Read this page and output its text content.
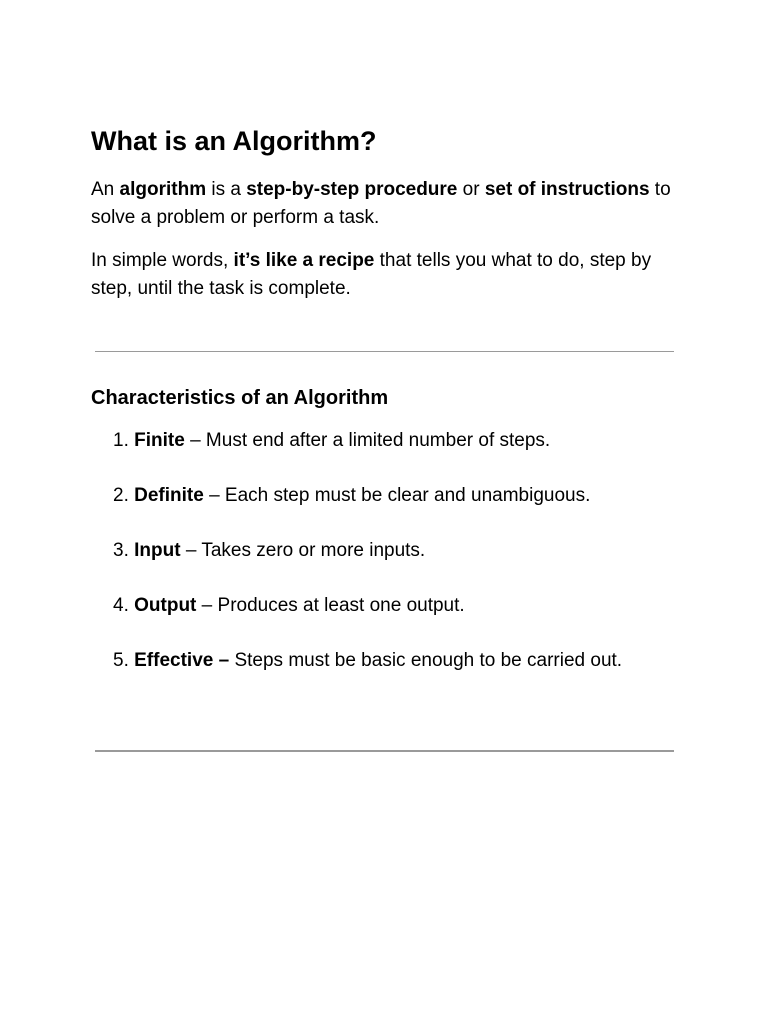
What is an Algorithm?

An algorithm is a step-by-step procedure or set of instructions to solve a problem or perform a task.

In simple words, it’s like a recipe that tells you what to do, step by step, until the task is complete.

Characteristics of an Algorithm
1. Finite – Must end after a limited number of steps.
2. Definite – Each step must be clear and unambiguous.
3. Input – Takes zero or more inputs.
4. Output – Produces at least one output.
5. Effective – Steps must be basic enough to be carried out.
